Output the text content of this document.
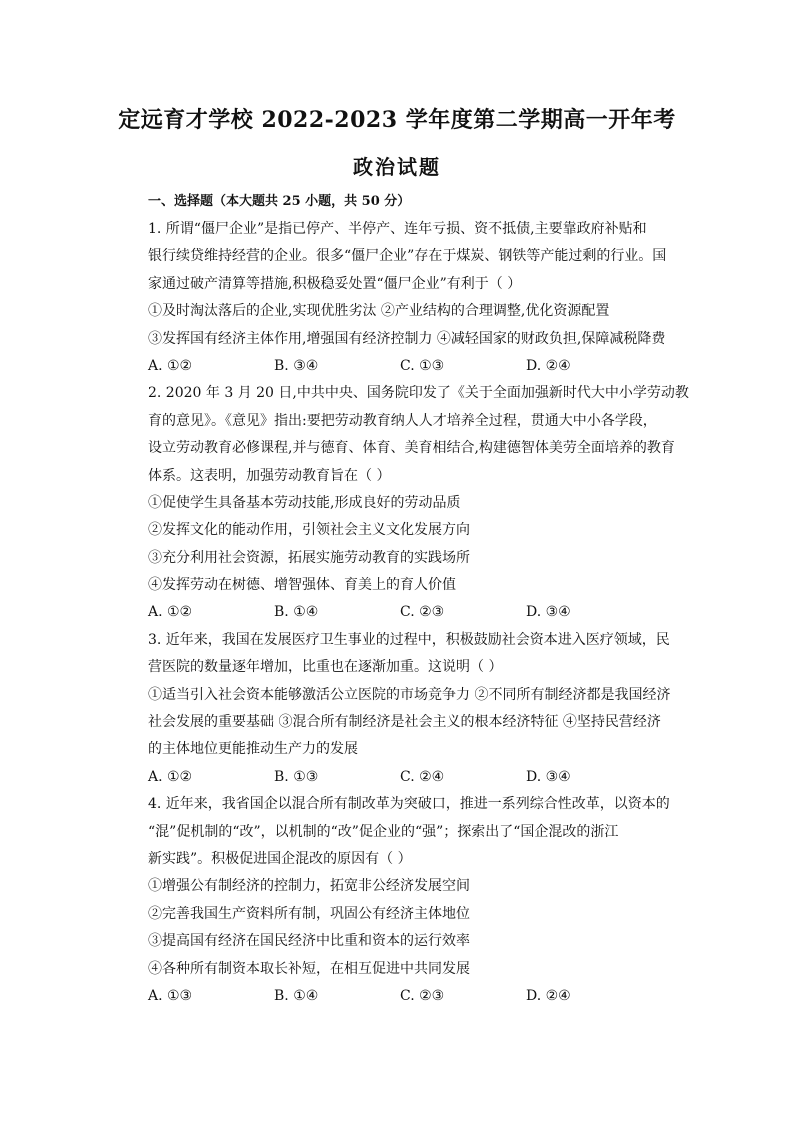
定远育才学校 2022-2023 学年度第二学期高一开年考
政治试题
一、选择题（本大题共 25 小题，共 50 分）
1. 所谓“僵尸企业”是指已停产、半停产、连年亏损、资不抵债,主要靠政府补贴和
银行续贷维持经营的企业。很多“僵尸企业”存在于煤炭、钢铁等产能过剩的行业。国
家通过破产清算等措施,积极稳妥处置“僵尸企业”有利于（ ）
①及时淘汰落后的企业,实现优胜劣汰 ②产业结构的合理调整,优化资源配置
③发挥国有经济主体作用,增强国有经济控制力 ④减轻国家的财政负担,保障减税降费
A. ①②	B. ③④	C. ①③	D. ②④
2. 2020 年 3 月 20 日,中共中央、国务院印发了《关于全面加强新时代大中小学劳动教
育的意见》。《意见》指出:要把劳动教育纳人人才培养全过程，贯通大中小各学段，
设立劳动教育必修课程,并与德育、体育、美育相结合,构建德智体美劳全面培养的教育
体系。这表明，加强劳动教育旨在（ ）
①促使学生具备基本劳动技能,形成良好的劳动品质
②发挥文化的能动作用，引领社会主义文化发展方向
③充分利用社会资源，拓展实施劳动教育的实践场所
④发挥劳动在树德、增智强体、育美上的育人价值
A. ①②	B. ①④	C. ②③	D. ③④
3. 近年来，我国在发展医疗卫生事业的过程中，积极鼓励社会资本进入医疗领域，民
营医院的数量逐年增加，比重也在逐渐加重。这说明（ ）
①适当引入社会资本能够激活公立医院的市场竞争力 ②不同所有制经济都是我国经济
社会发展的重要基础 ③混合所有制经济是社会主义的根本经济特征 ④坚持民营经济
的主体地位更能推动生产力的发展
A. ①②	B. ①③	C. ②④	D. ③④
4. 近年来，我省国企以混合所有制改革为突破口，推进一系列综合性改革，以资本的
“混”促机制的“改”，以机制的“改”促企业的“强”；探索出了“国企混改的浙江
新实践”。积极促进国企混改的原因有（ ）
①增强公有制经济的控制力，拓宽非公经济发展空间
②完善我国生产资料所有制，巩固公有经济主体地位
③提高国有经济在国民经济中比重和资本的运行效率
④各种所有制资本取长补短，在相互促进中共同发展
A. ①③	B. ①④	C. ②③	D. ②④
